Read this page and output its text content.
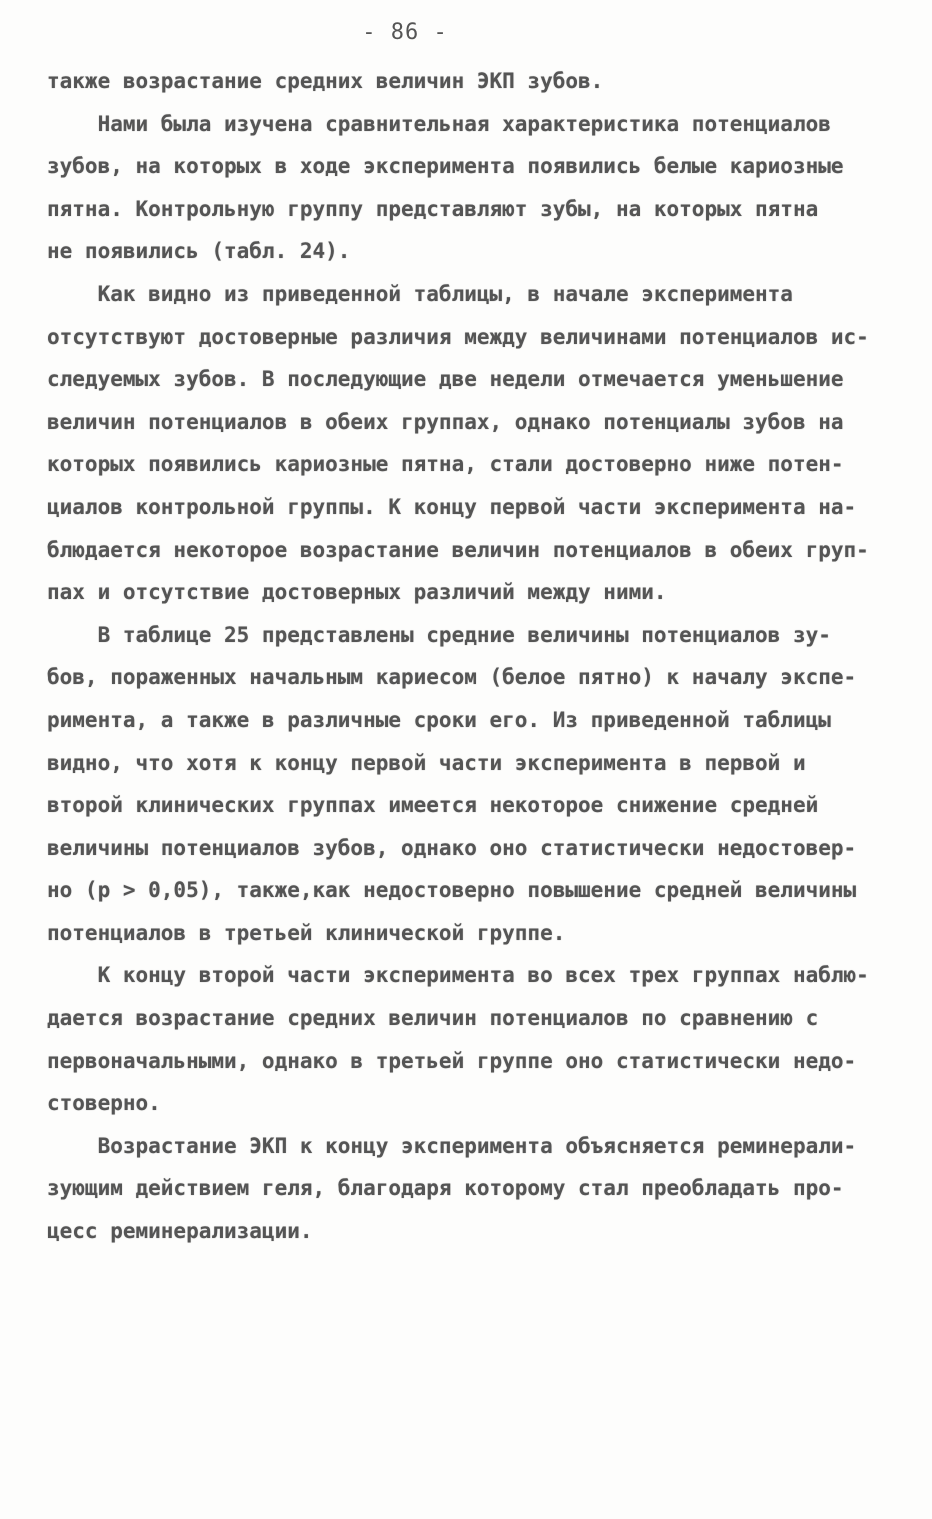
- 86 -
также возрастание средних величин ЭКП зубов.
Нами была изучена сравнительная характеристика потенциалов
зубов, на которых в ходе эксперимента появились белые кариозные
пятна. Контрольную группу представляют зубы, на которых пятна
не появились (табл. 24).
Как видно из приведенной таблицы, в начале эксперимента
отсутствуют достоверные различия между величинами потенциалов ис-
следуемых зубов. В последующие две недели отмечается уменьшение
величин потенциалов в обеих группах, однако потенциалы зубов на
которых появились кариозные пятна, стали достоверно ниже потен-
циалов контрольной группы. К концу первой части эксперимента на-
блюдается некоторое возрастание величин потенциалов в обеих груп-
пах и отсутствие достоверных различий между ними.
В таблице 25 представлены средние величины потенциалов зу-
бов, пораженных начальным кариесом (белое пятно) к началу экспе-
римента, а также в различные сроки его. Из приведенной таблицы
видно, что хотя к концу первой части эксперимента в первой и
второй клинических группах имеется некоторое снижение средней
величины потенциалов зубов, однако оно статистически недостовер-
но (р > 0,05), также,как недостоверно повышение средней величины
потенциалов в третьей клинической группе.
К концу второй части эксперимента во всех трех группах наблю-
дается возрастание средних величин потенциалов по сравнению с
первоначальными, однако в третьей группе оно статистически недо-
стоверно.
Возрастание ЭКП к концу эксперимента объясняется реминерали-
зующим действием геля, благодаря которому стал преобладать про-
цесс реминерализации.
